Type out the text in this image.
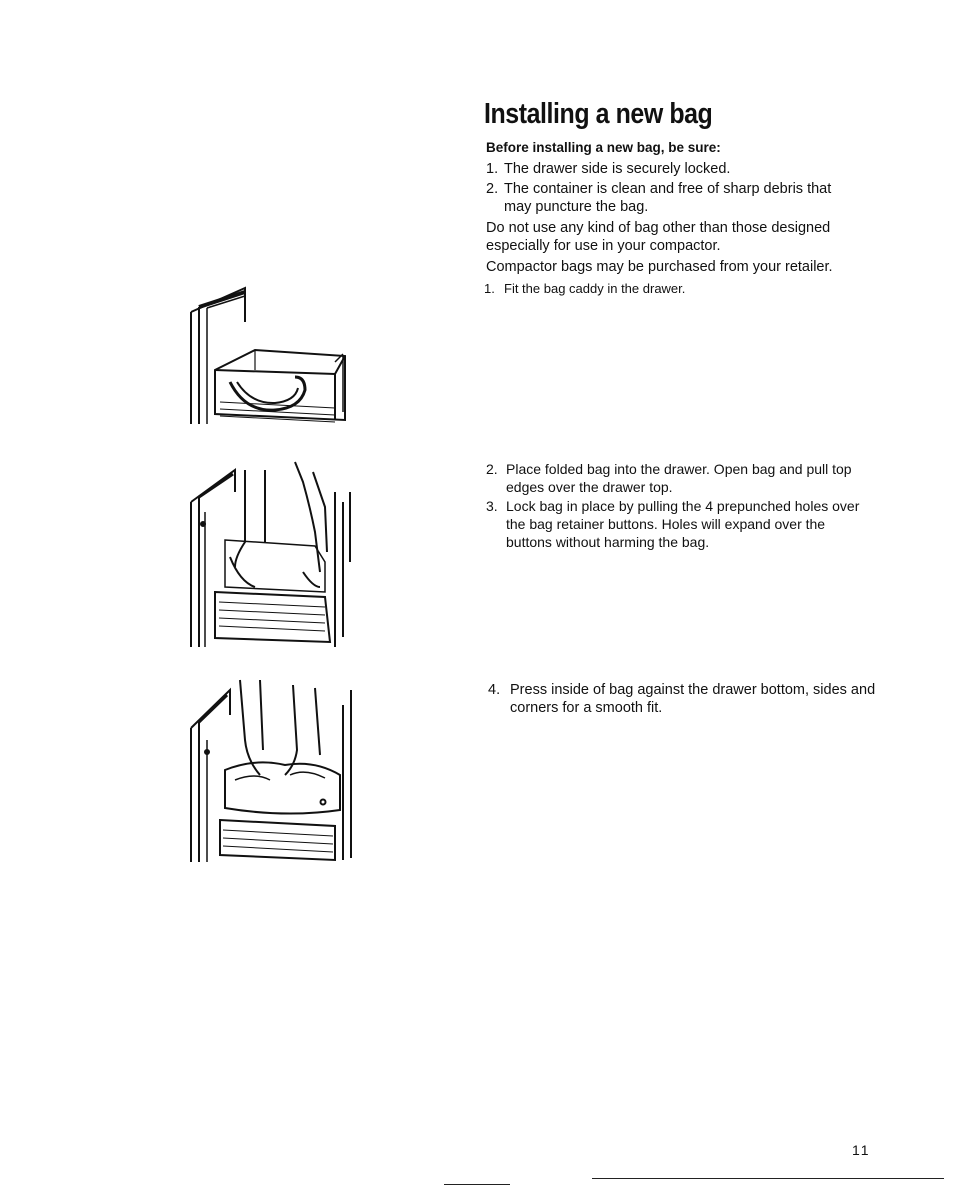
Installing a new bag
Before installing a new bag, be sure:
1. The drawer side is securely locked.
2. The container is clean and free of sharp debris that may puncture the bag.
Do not use any kind of bag other than those designed especially for use in your compactor.
Compactor bags may be purchased from your retailer.
1. Fit the bag caddy in the drawer.
2. Place folded bag into the drawer. Open bag and pull top edges over the drawer top.
3. Lock bag in place by pulling the 4 prepunched holes over the bag retainer buttons. Holes will expand over the buttons without harming the bag.
4. Press inside of bag against the drawer bottom, sides and corners for a smooth fit.
11
